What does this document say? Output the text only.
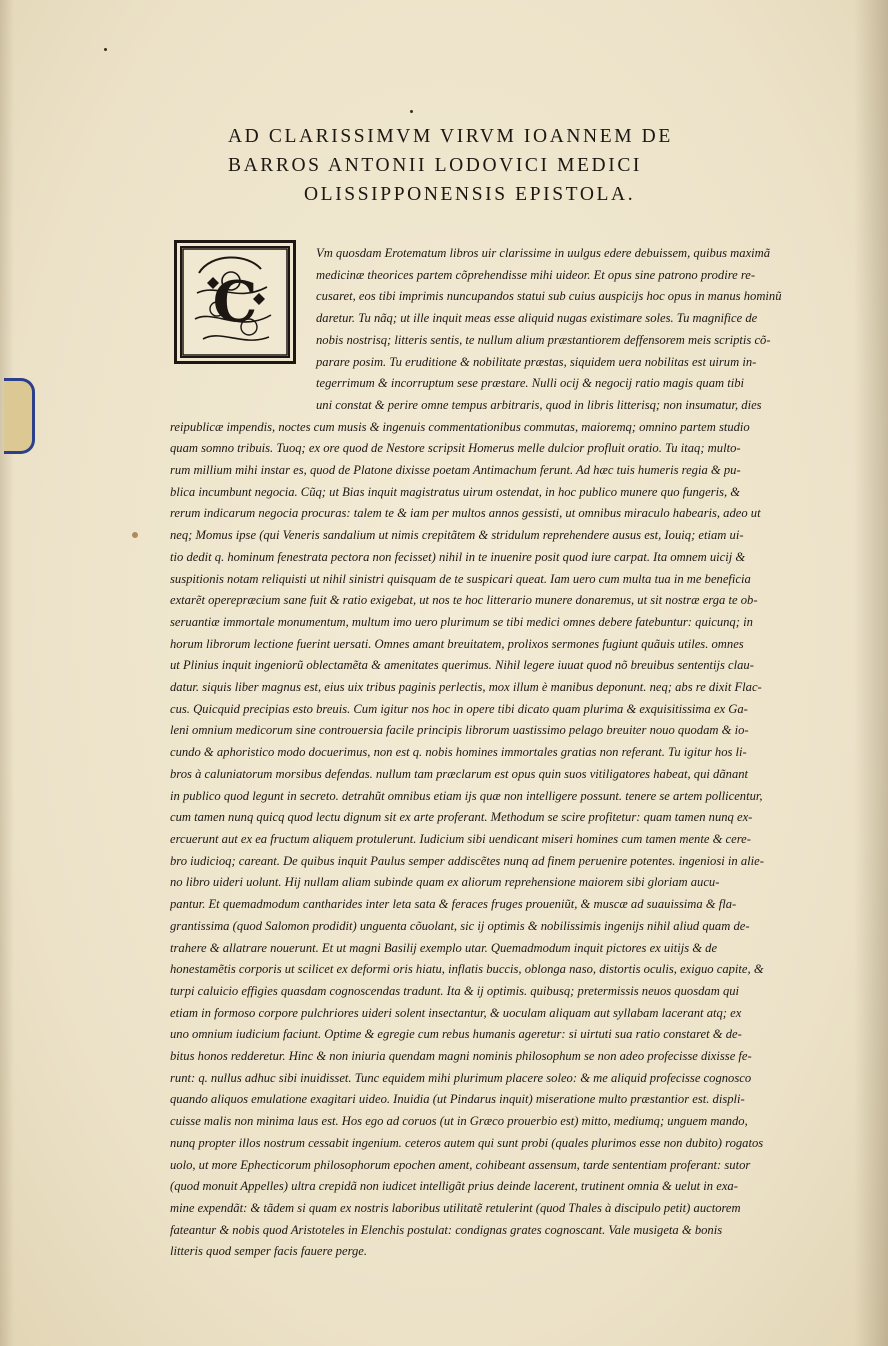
AD CLARISSIMVM VIRVM IOANNEM DE
BARROS ANTONII LODOVICI MEDICI
OLISSIPPONENSIS EPISTOLA.
C
Vm quosdam Erotematum libros uir clarissime in uulgus edere debuissem, quibus maximã
medicinæ theorices partem cõprehendisse mihi uideor. Et opus sine patrono prodire re-
cusaret, eos tibi imprimis nuncupandos statui sub cuius auspicijs hoc opus in manus hominũ
daretur. Tu nãq; ut ille inquit meas esse aliquid nugas existimare soles. Tu magnifice de
nobis nostrisq; litteris sentis, te nullum alium præstantiorem deffensorem meis scriptis cõ-
parare posim. Tu eruditione & nobilitate præstas, siquidem uera nobilitas est uirum in-
tegerrimum & incorruptum sese præstare. Nulli ocij & negocij ratio magis quam tibi
uni constat & perire omne tempus arbitraris, quod in libris litterisq; non insumatur, dies
reipublicæ impendis, noctes cum musis & ingenuis commentationibus commutas, maioremq; omnino partem studio
quam somno tribuis. Tuoq; ex ore quod de Nestore scripsit Homerus melle dulcior profluit oratio. Tu itaq; multo-
rum millium mihi instar es, quod de Platone dixisse poetam Antimachum ferunt. Ad hæc tuis humeris regia & pu-
blica incumbunt negocia. Cũq; ut Bias inquit magistratus uirum ostendat, in hoc publico munere quo fungeris, &
rerum indicarum negocia procuras: talem te & iam per multos annos gessisti, ut omnibus miraculo habearis, adeo ut
neq; Momus ipse (qui Veneris sandalium ut nimis crepitãtem & stridulum reprehendere ausus est, Iouiq; etiam ui-
tio dedit q. hominum fenestrata pectora non fecisset) nihil in te inuenire posit quod iure carpat. Ita omnem uicij &
suspitionis notam reliquisti ut nihil sinistri quisquam de te suspicari queat. Iam uero cum multa tua in me beneficia
extarẽt operepræcium sane fuit & ratio exigebat, ut nos te hoc litterario munere donaremus, ut sit nostræ erga te ob-
seruantiæ immortale monumentum, multum imo uero plurimum se tibi medici omnes debere fatebuntur: quicunq; in
horum librorum lectione fuerint uersati. Omnes amant breuitatem, prolixos sermones fugiunt quãuis utiles. omnes
ut Plinius inquit ingeniorũ oblectamẽta & amenitates querimus. Nihil legere iuuat quod nõ breuibus sententijs clau-
datur. siquis liber magnus est, eius uix tribus paginis perlectis, mox illum è manibus deponunt. neq; abs re dixit Flac-
cus. Quicquid precipias esto breuis. Cum igitur nos hoc in opere tibi dicato quam plurima & exquisitissima ex Ga-
leni omnium medicorum sine controuersia facile principis librorum uastissimo pelago breuiter nouo quodam & io-
cundo & aphoristico modo docuerimus, non est q. nobis homines immortales gratias non referant. Tu igitur hos li-
bros à caluniatorum morsibus defendas. nullum tam præclarum est opus quin suos vitiligatores habeat, qui dãnant
in publico quod legunt in secreto. detrahũt omnibus etiam ijs quæ non intelligere possunt. tenere se artem pollicentur,
cum tamen nunq quicq quod lectu dignum sit ex arte proferant. Methodum se scire profitetur: quam tamen nunq ex-
ercuerunt aut ex ea fructum aliquem protulerunt. Iudicium sibi uendicant miseri homines cum tamen mente & cere-
bro iudicioq; careant. De quibus inquit Paulus semper addiscẽtes nunq ad finem peruenire potentes. ingeniosi in alie-
no libro uideri uolunt. Hij nullam aliam subinde quam ex aliorum reprehensione maiorem sibi gloriam aucu-
pantur. Et quemadmodum cantharides inter leta sata & feraces fruges proueniũt, & muscæ ad suauissima & fla-
grantissima (quod Salomon prodidit) unguenta cõuolant, sic ij optimis & nobilissimis ingenijs nihil aliud quam de-
trahere & allatrare nouerunt. Et ut magni Basilij exemplo utar. Quemadmodum inquit pictores ex uitijs & de
honestamẽtis corporis ut scilicet ex deformi oris hiatu, inflatis buccis, oblonga naso, distortis oculis, exiguo capite, &
turpi caluicio effigies quasdam cognoscendas tradunt. Ita & ij optimis. quibusq; pretermissis neuos quosdam qui
etiam in formoso corpore pulchriores uideri solent insectantur, & uoculam aliquam aut syllabam lacerant atq; ex
uno omnium iudicium faciunt. Optime & egregie cum rebus humanis ageretur: si uirtuti sua ratio constaret & de-
bitus honos redderetur. Hinc & non iniuria quendam magni nominis philosophum se non adeo profecisse dixisse fe-
runt: q. nullus adhuc sibi inuidisset. Tunc equidem mihi plurimum placere soleo: & me aliquid profecisse cognosco
quando aliquos emulatione exagitari uideo. Inuidia (ut Pindarus inquit) miseratione multo præstantior est. displi-
cuisse malis non minima laus est. Hos ego ad coruos (ut in Græco prouerbio est) mitto, mediumq; unguem mando,
nunq propter illos nostrum cessabit ingenium. ceteros autem qui sunt probi (quales plurimos esse non dubito) rogatos
uolo, ut more Ephecticorum philosophorum epochen ament, cohibeant assensum, tarde sententiam proferant: sutor
(quod monuit Appelles) ultra crepidã non iudicet intelligãt prius deinde lacerent, trutinent omnia & uelut in exa-
mine expendãt: & tãdem si quam ex nostris laboribus utilitatẽ retulerint (quod Thales à discipulo petit) auctorem
fateantur & nobis quod Aristoteles in Elenchis postulat: condignas grates cognoscant. Vale musigeta & bonis
litteris quod semper facis fauere perge.
